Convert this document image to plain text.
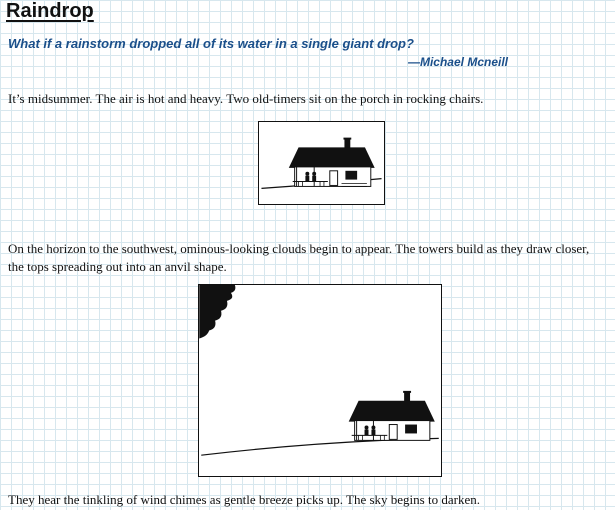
Raindrop
What if a rainstorm dropped all of its water in a single giant drop?
—Michael Mcneill

It’s midsummer. The air is hot and heavy. Two old-timers sit on the porch in rocking chairs.

On the horizon to the southwest, ominous-looking clouds begin to appear. The towers build as they draw closer, the tops spreading out into an anvil shape.

They hear the tinkling of wind chimes as gentle breeze picks up. The sky begins to darken.
